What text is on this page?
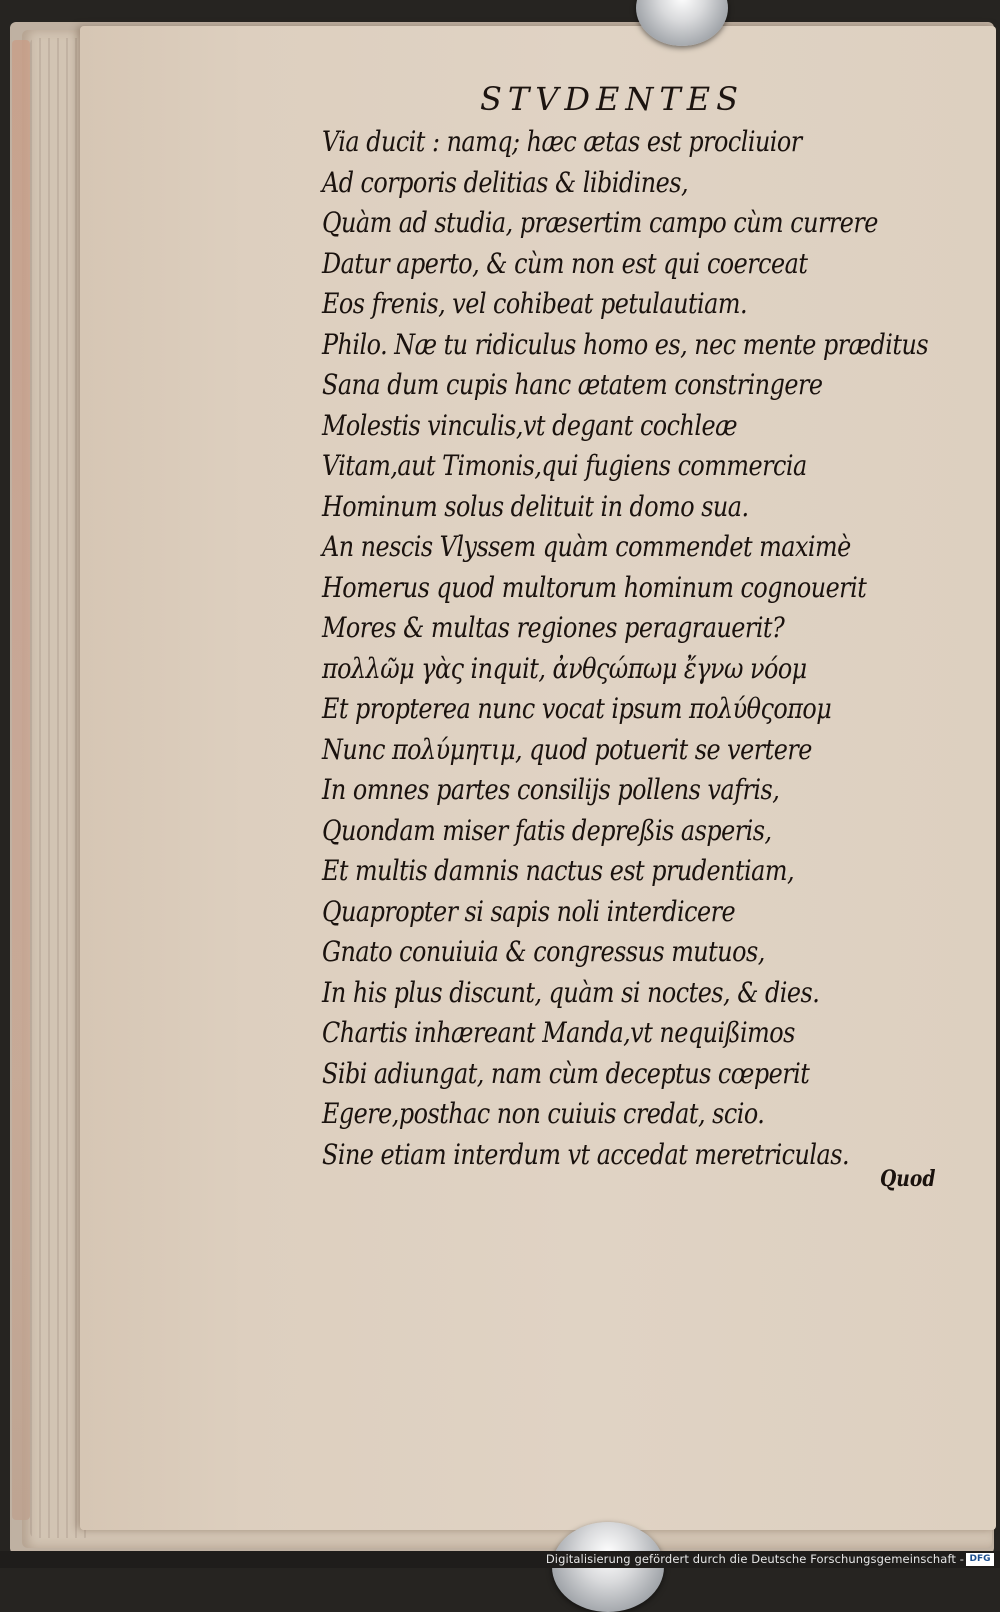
STVDENTES
Via ducit : namq; hæc ætas est procliuior
Ad corporis delitias & libidines,
Quàm ad studia, præsertim campo cùm currere
Datur aperto, & cùm non est qui coerceat
Eos frenis, vel cohibeat petulautiam.
Philo. Næ tu ridiculus homo es, nec mente præditus
Sana dum cupis hanc ætatem constringere
Molestis vinculis,vt degant cochleæ
Vitam,aut Timonis,qui fugiens commercia
Hominum solus delituit in domo sua.
An nescis Vlyssem quàm commendet maximè
Homerus quod multorum hominum cognouerit
Mores & multas regiones peragrauerit?
πολλῶμ γὰς inquit, ἀνθςώπωμ ἔγνω νόομ
Et propterea nunc vocat ipsum πολύθςοπομ
Nunc πολύμητιμ, quod potuerit se vertere
In omnes partes consilijs pollens vafris,
Quondam miser fatis depreßis asperis,
Et multis damnis nactus est prudentiam,
Quapropter si sapis noli interdicere
Gnato conuiuia & congressus mutuos,
In his plus discunt, quàm si noctes, & dies.
Chartis inhæreant Manda,vt nequißimos
Sibi adiungat, nam cùm deceptus cœperit
Egere,posthac non cuiuis credat, scio.
Sine etiam interdum vt accedat meretriculas.
Quod
Digitalisierung gefördert durch die Deutsche Forschungsgemeinschaft - DFG
